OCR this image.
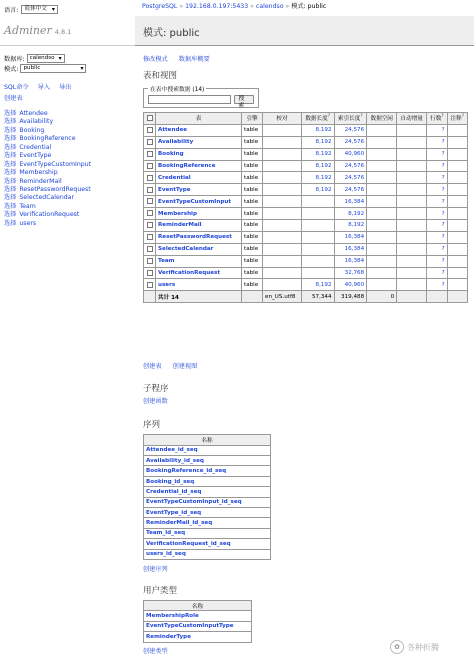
语言:	简体中文 ▾
Adminer 4.8.1
数据库: calendso ▾
模式: public ▾
SQL命令 导入 导出
创建表
选择 Attendee
选择 Availability
选择 Booking
选择 BookingReference
选择 Credential
选择 EventType
选择 EventTypeCustomInput
选择 Membership
选择 ReminderMail
选择 ResetPasswordRequest
选择 SelectedCalendar
选择 Team
选择 VerificationRequest
选择 users
PostgreSQL » 192.168.0.197:5433 » calendso » 模式: public
模式: public
修改模式 数据库概要
表和视图
在表中搜索数据 (14)
搜索
	表	引擎	校对	数据长度?	索引长度?	数据空闲	自动增量	行数?	注释?
	Attendee	table		8,192	24,576			?	
	Availability	table		8,192	24,576			?	
	Booking	table		8,192	40,960			?	
	BookingReference	table		8,192	24,576			?	
	Credential	table		8,192	24,576			?	
	EventType	table		8,192	24,576			?	
	EventTypeCustomInput	table			16,384			?	
	Membership	table			8,192			?	
	ReminderMail	table			8,192			?	
	ResetPasswordRequest	table			16,384			?	
	SelectedCalendar	table			16,384			?	
	Team	table			16,384			?	
	VerificationRequest	table			32,768			?	
	users	table		8,192	40,960			?	
	共计 14		en_US.utf8	57,344	319,488	0			
创建表 创建视图
子程序
创建函数
序列
名称
Attendee_id_seq
Availability_id_seq
BookingReference_id_seq
Booking_id_seq
Credential_id_seq
EventTypeCustomInput_id_seq
EventType_id_seq
ReminderMail_id_seq
Team_id_seq
VerificationRequest_id_seq
users_id_seq
创建序列
用户类型
名称
MembershipRole
EventTypeCustomInputType
ReminderType
创建类型	✿ 各种折腾
